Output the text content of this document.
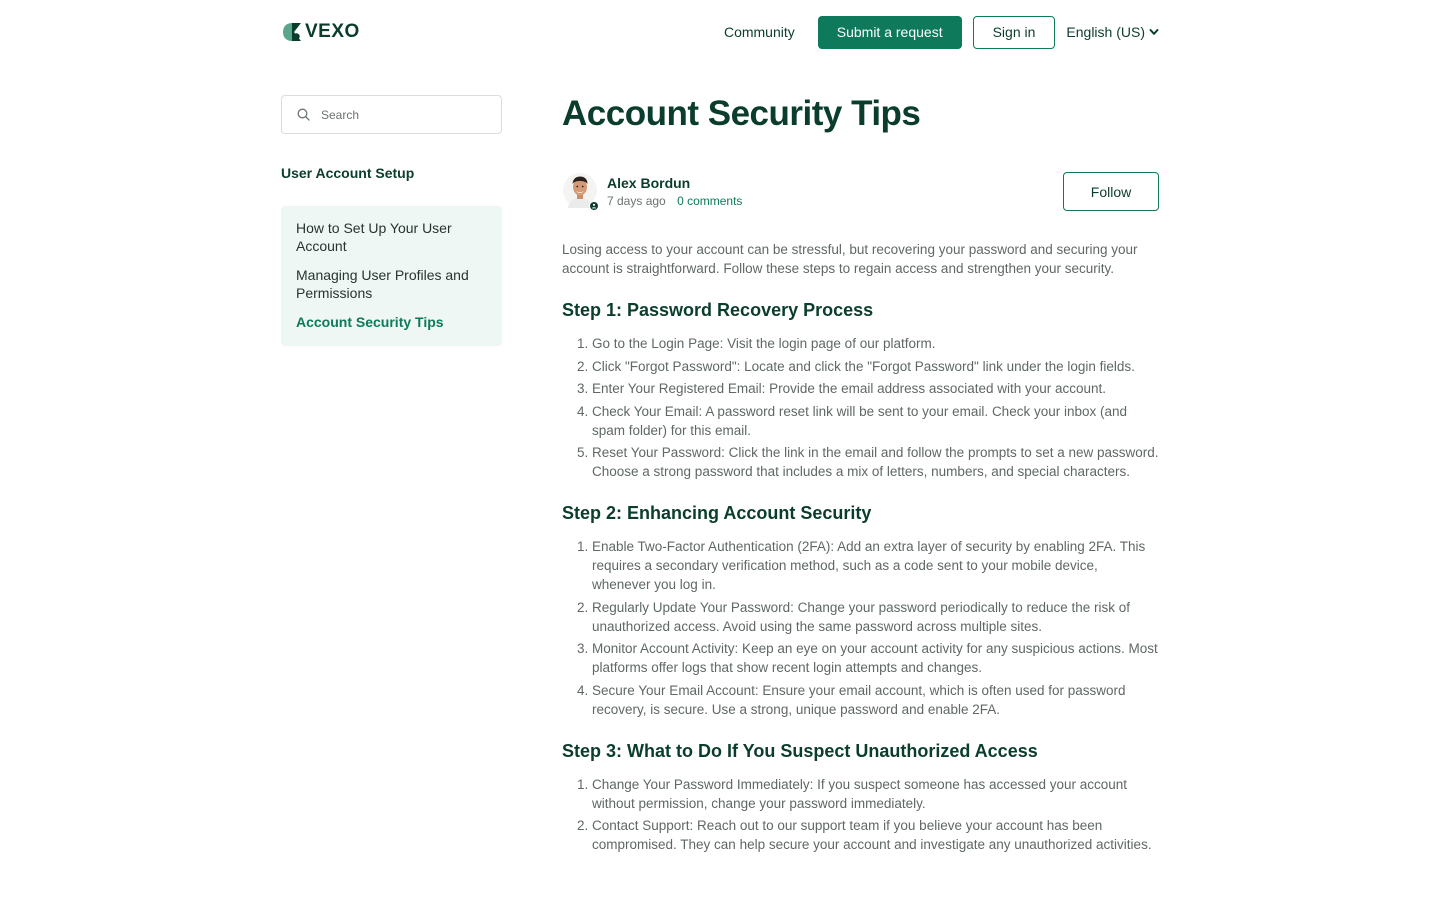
VEXO	Community	Submit a request	Sign in	English (US)
Search
User Account Setup
How to Set Up Your User Account
Managing User Profiles and Permissions
Account Security Tips
Account Security Tips
Alex Bordun
7 days ago 0 comments
Follow

Losing access to your account can be stressful, but recovering your password and securing your account is straightforward. Follow these steps to regain access and strengthen your security.

Step 1: Password Recovery Process
1. Go to the Login Page: Visit the login page of our platform.
2. Click "Forgot Password": Locate and click the "Forgot Password" link under the login fields.
3. Enter Your Registered Email: Provide the email address associated with your account.
4. Check Your Email: A password reset link will be sent to your email. Check your inbox (and spam folder) for this email.
5. Reset Your Password: Click the link in the email and follow the prompts to set a new password. Choose a strong password that includes a mix of letters, numbers, and special characters.
Step 2: Enhancing Account Security
1. Enable Two-Factor Authentication (2FA): Add an extra layer of security by enabling 2FA. This requires a secondary verification method, such as a code sent to your mobile device, whenever you log in.
2. Regularly Update Your Password: Change your password periodically to reduce the risk of unauthorized access. Avoid using the same password across multiple sites.
3. Monitor Account Activity: Keep an eye on your account activity for any suspicious actions. Most platforms offer logs that show recent login attempts and changes.
4. Secure Your Email Account: Ensure your email account, which is often used for password recovery, is secure. Use a strong, unique password and enable 2FA.
Step 3: What to Do If You Suspect Unauthorized Access
1. Change Your Password Immediately: If you suspect someone has accessed your account without permission, change your password immediately.
2. Contact Support: Reach out to our support team if you believe your account has been compromised. They can help secure your account and investigate any unauthorized activities.
